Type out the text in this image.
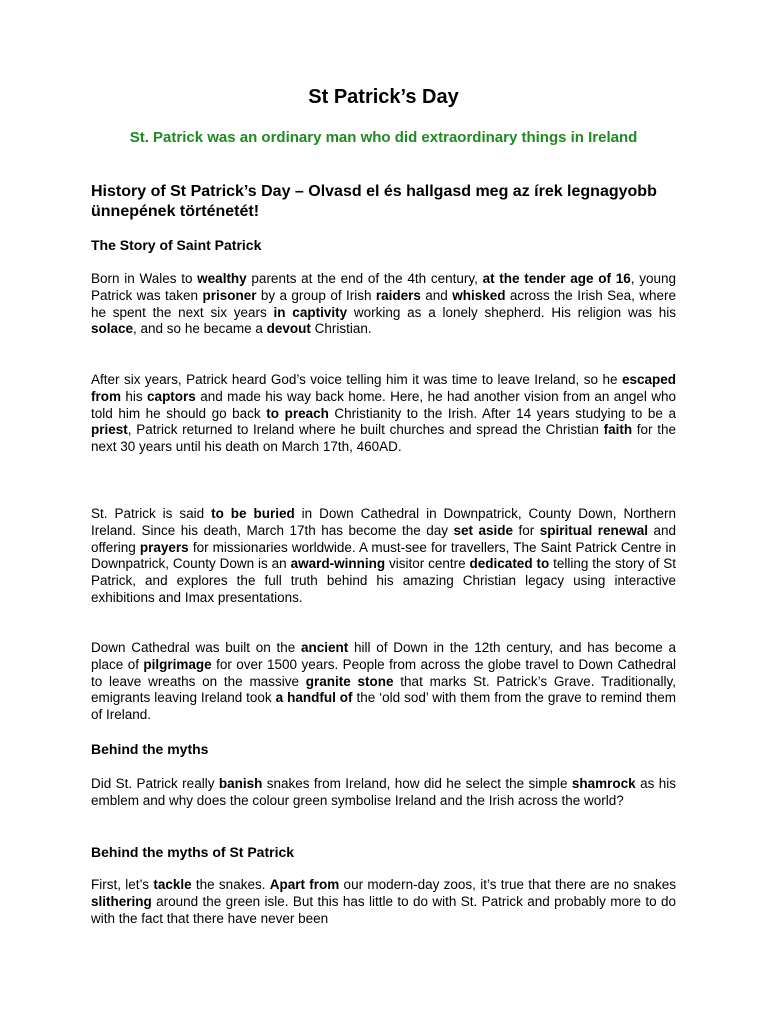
St Patrick’s Day

St. Patrick was an ordinary man who did extraordinary things in Ireland

History of St Patrick’s Day – Olvasd el és hallgasd meg az írek legnagyobb ünnepének történetét!

The Story of Saint Patrick

Born in Wales to wealthy parents at the end of the 4th century, at the tender age of 16, young Patrick was taken prisoner by a group of Irish raiders and whisked across the Irish Sea, where he spent the next six years in captivity working as a lonely shepherd. His religion was his solace, and so he became a devout Christian.

After six years, Patrick heard God’s voice telling him it was time to leave Ireland, so he escaped from his captors and made his way back home. Here, he had another vision from an angel who told him he should go back to preach Christianity to the Irish. After 14 years studying to be a priest, Patrick returned to Ireland where he built churches and spread the Christian faith for the next 30 years until his death on March 17th, 460AD.

St. Patrick is said to be buried in Down Cathedral in Downpatrick, County Down, Northern Ireland. Since his death, March 17th has become the day set aside for spiritual renewal and offering prayers for missionaries worldwide. A must-see for travellers, The Saint Patrick Centre in Downpatrick, County Down is an award-winning visitor centre dedicated to telling the story of St Patrick, and explores the full truth behind his amazing Christian legacy using interactive exhibitions and Imax presentations.

Down Cathedral was built on the ancient hill of Down in the 12th century, and has become a place of pilgrimage for over 1500 years. People from across the globe travel to Down Cathedral to leave wreaths on the massive granite stone that marks St. Patrick’s Grave. Traditionally, emigrants leaving Ireland took a handful of the ‘old sod’ with them from the grave to remind them of Ireland.

Behind the myths

Did St. Patrick really banish snakes from Ireland, how did he select the simple shamrock as his emblem and why does the colour green symbolise Ireland and the Irish across the world?

Behind the myths of St Patrick

First, let’s tackle the snakes. Apart from our modern-day zoos, it’s true that there are no snakes slithering around the green isle. But this has little to do with St. Patrick and probably more to do with the fact that there have never been
